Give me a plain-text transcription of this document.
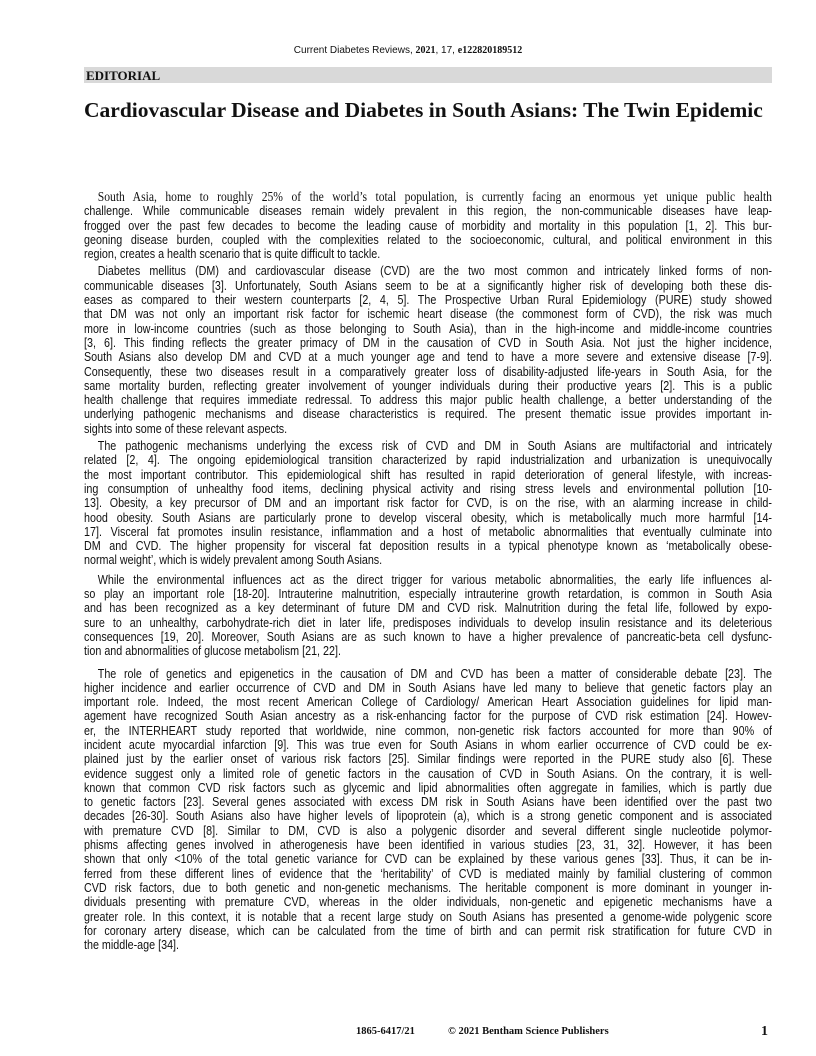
Current Diabetes Reviews, 2021, 17, e122820189512
EDITORIAL
Cardiovascular Disease and Diabetes in South Asians: The Twin Epidemic
South Asia, home to roughly 25% of the world’s total population, is currently facing an enormous yet unique public health
challenge. While communicable diseases remain widely prevalent in this region, the non-communicable diseases have leap-
frogged over the past few decades to become the leading cause of morbidity and mortality in this population [1, 2]. This bur-
geoning disease burden, coupled with the complexities related to the socioeconomic, cultural, and political environment in this
region, creates a health scenario that is quite difficult to tackle.
Diabetes mellitus (DM) and cardiovascular disease (CVD) are the two most common and intricately linked forms of non-
communicable diseases [3]. Unfortunately, South Asians seem to be at a significantly higher risk of developing both these dis-
eases as compared to their western counterparts [2, 4, 5]. The Prospective Urban Rural Epidemiology (PURE) study showed
that DM was not only an important risk factor for ischemic heart disease (the commonest form of CVD), the risk was much
more in low-income countries (such as those belonging to South Asia), than in the high-income and middle-income countries
[3, 6]. This finding reflects the greater primacy of DM in the causation of CVD in South Asia. Not just the higher incidence,
South Asians also develop DM and CVD at a much younger age and tend to have a more severe and extensive disease [7-9].
Consequently, these two diseases result in a comparatively greater loss of disability-adjusted life-years in South Asia, for the
same mortality burden, reflecting greater involvement of younger individuals during their productive years [2]. This is a public
health challenge that requires immediate redressal. To address this major public health challenge, a better understanding of the
underlying pathogenic mechanisms and disease characteristics is required. The present thematic issue provides important in-
sights into some of these relevant aspects.
The pathogenic mechanisms underlying the excess risk of CVD and DM in South Asians are multifactorial and intricately
related [2, 4]. The ongoing epidemiological transition characterized by rapid industrialization and urbanization is unequivocally
the most important contributor. This epidemiological shift has resulted in rapid deterioration of general lifestyle, with increas-
ing consumption of unhealthy food items, declining physical activity and rising stress levels and environmental pollution [10-
13]. Obesity, a key precursor of DM and an important risk factor for CVD, is on the rise, with an alarming increase in child-
hood obesity. South Asians are particularly prone to develop visceral obesity, which is metabolically much more harmful [14-
17]. Visceral fat promotes insulin resistance, inflammation and a host of metabolic abnormalities that eventually culminate into
DM and CVD. The higher propensity for visceral fat deposition results in a typical phenotype known as ‘metabolically obese-
normal weight’, which is widely prevalent among South Asians.
While the environmental influences act as the direct trigger for various metabolic abnormalities, the early life influences al-
so play an important role [18-20]. Intrauterine malnutrition, especially intrauterine growth retardation, is common in South Asia
and has been recognized as a key determinant of future DM and CVD risk. Malnutrition during the fetal life, followed by expo-
sure to an unhealthy, carbohydrate-rich diet in later life, predisposes individuals to develop insulin resistance and its deleterious
consequences [19, 20]. Moreover, South Asians are as such known to have a higher prevalence of pancreatic-beta cell dysfunc-
tion and abnormalities of glucose metabolism [21, 22].
The role of genetics and epigenetics in the causation of DM and CVD has been a matter of considerable debate [23]. The
higher incidence and earlier occurrence of CVD and DM in South Asians have led many to believe that genetic factors play an
important role. Indeed, the most recent American College of Cardiology/ American Heart Association guidelines for lipid man-
agement have recognized South Asian ancestry as a risk-enhancing factor for the purpose of CVD risk estimation [24]. Howev-
er, the INTERHEART study reported that worldwide, nine common, non-genetic risk factors accounted for more than 90% of
incident acute myocardial infarction [9]. This was true even for South Asians in whom earlier occurrence of CVD could be ex-
plained just by the earlier onset of various risk factors [25]. Similar findings were reported in the PURE study also [6]. These
evidence suggest only a limited role of genetic factors in the causation of CVD in South Asians. On the contrary, it is well-
known that common CVD risk factors such as glycemic and lipid abnormalities often aggregate in families, which is partly due
to genetic factors [23]. Several genes associated with excess DM risk in South Asians have been identified over the past two
decades [26-30]. South Asians also have higher levels of lipoprotein (a), which is a strong genetic component and is associated
with premature CVD [8]. Similar to DM, CVD is also a polygenic disorder and several different single nucleotide polymor-
phisms affecting genes involved in atherogenesis have been identified in various studies [23, 31, 32]. However, it has been
shown that only <10% of the total genetic variance for CVD can be explained by these various genes [33]. Thus, it can be in-
ferred from these different lines of evidence that the ‘heritability’ of CVD is mediated mainly by familial clustering of common
CVD risk factors, due to both genetic and non-genetic mechanisms. The heritable component is more dominant in younger in-
dividuals presenting with premature CVD, whereas in the older individuals, non-genetic and epigenetic mechanisms have a
greater role. In this context, it is notable that a recent large study on South Asians has presented a genome-wide polygenic score
for coronary artery disease, which can be calculated from the time of birth and can permit risk stratification for future CVD in
the middle-age [34].
1865-6417/21	© 2021 Bentham Science Publishers	1
